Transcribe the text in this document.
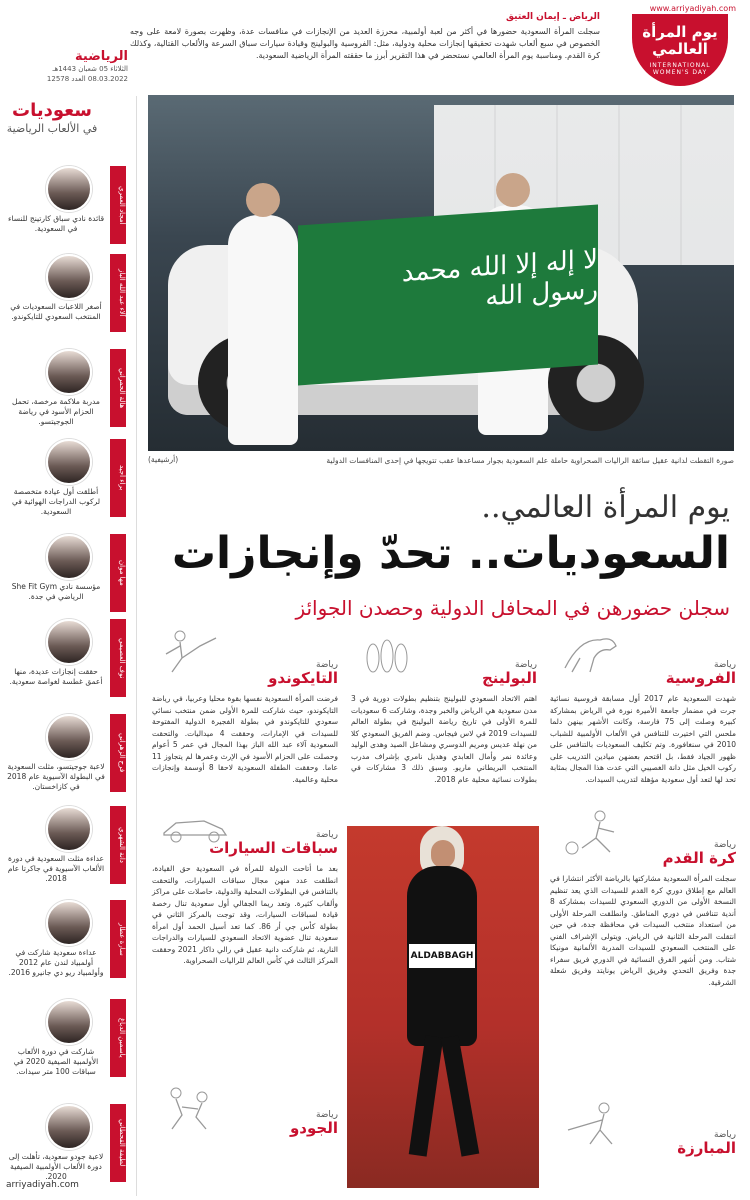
www.arriyadiyah.com
يوم المرأة العالمي
INTERNATIONAL WOMEN'S DAY
الرياض ـ إيمان العتيق
سجلت المرأة السعودية حضورها في أكثر من لعبة أولمبية، محرزة العديد من الإنجازات في منافسات عدة، وظهرت بصورة لامعة على وجه الخصوص في سبع ألعاب شهدت تحقيقها إنجازات محلية ودولية، مثل: الفروسية والبولينج وقيادة سيارات سباق السرعة والألعاب القتالية، وكذلك كرة القدم. ومناسبة يوم المرأة العالمي نستحضر في هذا التقرير أبرز ما حققته المرأة الرياضية السعودية.
الرياضية
الثلاثاء 05 شعبان 1443هـ
08.03.2022 العدد 12578
سعوديات
في الألعاب الرياضية
أمجاد العمري
قائدة نادي سباق كارتينج للنساء في السعودية.
آلاء عبد الله الباز
أصغر اللاعبات السعوديات في المنتخب السعودي للتايكوندو.
هالة الحمراني
مدربة ملاكمة مرخصة، تحمل الحزام الأسود في رياضة الجوجيتسو.
براء أجيد
أطلقت أول عيادة متخصصة لركوب الدراجات الهوائية في السعودية.
مها موان
مؤسسة نادي She Fit Gym الرياضي في جدة.
نوف العصيمي
حققت إنجازات عديدة، منها أعمق غطسة لغواصة سعودية.
فرح الزهراني
لاعبة جوجيتسو، مثلت السعودية في البطولة الآسيوية عام 2018 في كازاخستان.
دانة الشهري
عداءة مثلت السعودية في دورة الألعاب الآسيوية في جاكرتا عام 2018.
سارة عطار
عداءة سعودية شاركت في أولمبياد لندن عام 2012 وأولمبياد ريو دي جانيرو 2016.
ياسمين الدباغ
شاركت في دورة الألعاب الأولمبية الصيفية 2020 في سباقات 100 متر سيدات.
لطيفة القحطاني
لاعبة جودو سعودية، تأهلت إلى دورة الألعاب الأولمبية الصيفية 2020.
لا إله إلا الله محمد رسول الله
صورة التقطت لدانية عقيل سائقة الراليات الصحراوية حاملة علم السعودية بجوار مساعدها عقب تتويجها في إحدى المنافسات الدولية
(أرشيفية)
يوم المرأة العالمي..
السعوديات.. تحدّ وإنجازات
سجلن حضورهن في المحافل الدولية وحصدن الجوائز
رياضة
الفروسية
شهدت السعودية عام 2017 أول مسابقة فروسية نسائية جرت في مضمار جامعة الأميرة نورة في الرياض بمشاركة كبيرة وصلت إلى 75 فارسة، وكانت الأشهر بينهن دلما ملحس التي اختيرت للتنافس في الألعاب الأولمبية للشباب 2010 في سنغافورة. وتم تكليف السعوديات بالتنافس على ظهور الجياد فقط، بل اقتحم بعضهن ميادين التدريب على ركوب الخيل مثل دانة الغصيبي التي عدت هذا المجال بمثابة تحد لها لتعد أول سعودية مؤهلة لتدريب السيدات.
رياضة
البولينج
اهتم الاتحاد السعودي للبولينج بتنظيم بطولات دورية في 3 مدن سعودية هي الرياض والخبر وجدة، وشاركت 6 سعوديات للمرة الأولى في تاريخ رياضة البولينج في بطولة العالم للسيدات 2019 في لاس فيجاس. وضم الفريق السعودي كلا من نهلة عديس ومريم الدوسري ومشاعل الصيد وهدى الوليد وعائدة نمر وأمال العابدي وهديل نامري بإشراف مدرب المنتخب البريطاني ماريو. وسبق ذلك 3 مشاركات في بطولات نسائية محلية عام 2018.
رياضة
التايكوندو
فرضت المرأة السعودية نفسها بقوة محليا وعربيا، في رياضة التايكوندو، حيث شاركت للمرة الأولى ضمن منتخب نسائي سعودي للتايكوندو في بطولة الفجيرة الدولية المفتوحة للسيدات في الإمارات، وحققت 4 ميداليات. والتحقت السعودية آلاء عبد الله الباز بهذا المجال في عمر 5 أعوام وحصلت على الحزام الأسود في الإرث وعمرها لم يتجاوز 11 عاما. وحققت الطفلة السعودية لاحقا 8 أوسمة وإنجازات محلية وعالمية.
رياضة
كرة القدم
سجلت المرأة السعودية مشاركتها بالرياضة الأكثر انتشارا في العالم مع إطلاق دوري كرة القدم للسيدات الذي يعد تنظيم النسخة الأولى من الدوري السعودي للسيدات بمشاركة 8 أندية تتنافس في دوري المناطق. وانطلقت المرحلة الأولى من استعداد منتخب السيدات في محافظة جدة، في حين انتقلت المرحلة الثانية في الرياض. ويتولى الإشراف الفني على المنتخب السعودي للسيدات المدربة الألمانية مونيكا شتاب. ومن أشهر الفرق النسائية في الدوري فريق سفراء جدة وفريق التحدي وفريق الرياض يونايتد وفريق شعلة الشرقية.
رياضة
المبارزة
رياضة
سباقات السيارات
بعد ما أتاحت الدولة للمرأة في السعودية حق القيادة، انطلقت عدد منهن مجال سباقات السيارات، والتحقت بالتنافس في البطولات المحلية والدولية، حاصلات على مراكز وألقاب كثيرة. وتعد ريما الجفالي أول سعودية تنال رخصة قيادة لسباقات السيارات، وقد توجت بالمركز الثاني في بطولة كأس جي أر 86. كما تعد أسيل الحمد أول امرأة سعودية تنال عضوية الاتحاد السعودي للسيارات والدراجات النارية، ثم شاركت دانية عقيل في رالي داكار 2021 وحققت المركز الثالث في كأس العالم للراليات الصحراوية.
رياضة
الجودو
ALDABBAGH
arriyadiyah.com
